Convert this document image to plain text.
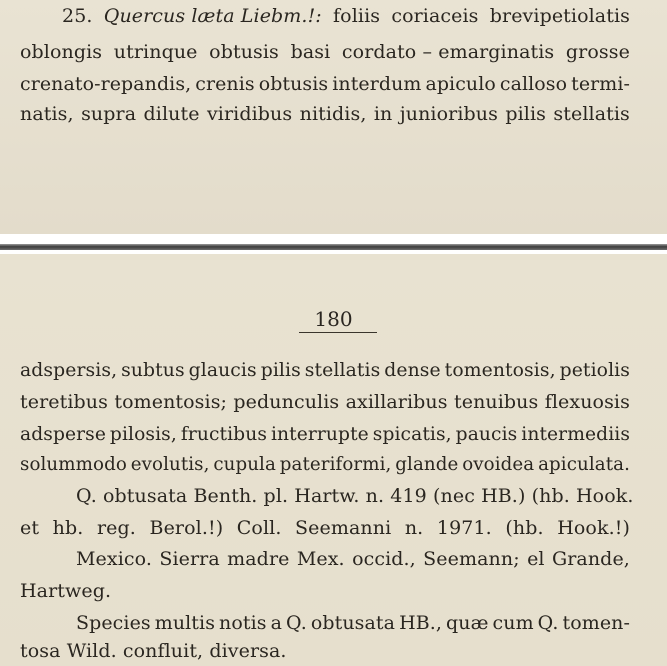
25. Quercus læta Liebm.!: foliis coriaceis brevipetiolatis
oblongis utrinque obtusis basi cordato – emarginatis grosse
crenato-repandis, crenis obtusis interdum apiculo calloso termi-
natis, supra dilute viridibus nitidis, in junioribus pilis stellatis
180
adspersis, subtus glaucis pilis stellatis dense tomentosis, petiolis
teretibus tomentosis; pedunculis axillaribus tenuibus flexuosis
adsperse pilosis, fructibus interrupte spicatis, paucis intermediis
solummodo evolutis, cupula pateriformi, glande ovoidea apiculata.
Q. obtusata Benth. pl. Hartw. n. 419 (nec HB.) (hb. Hook.
et hb. reg. Berol.!) Coll. Seemanni n. 1971. (hb. Hook.!)
Mexico. Sierra madre Mex. occid., Seemann; el Grande,
Hartweg.
Species multis notis a Q. obtusata HB., quæ cum Q. tomen-
tosa Wild. confluit, diversa.
